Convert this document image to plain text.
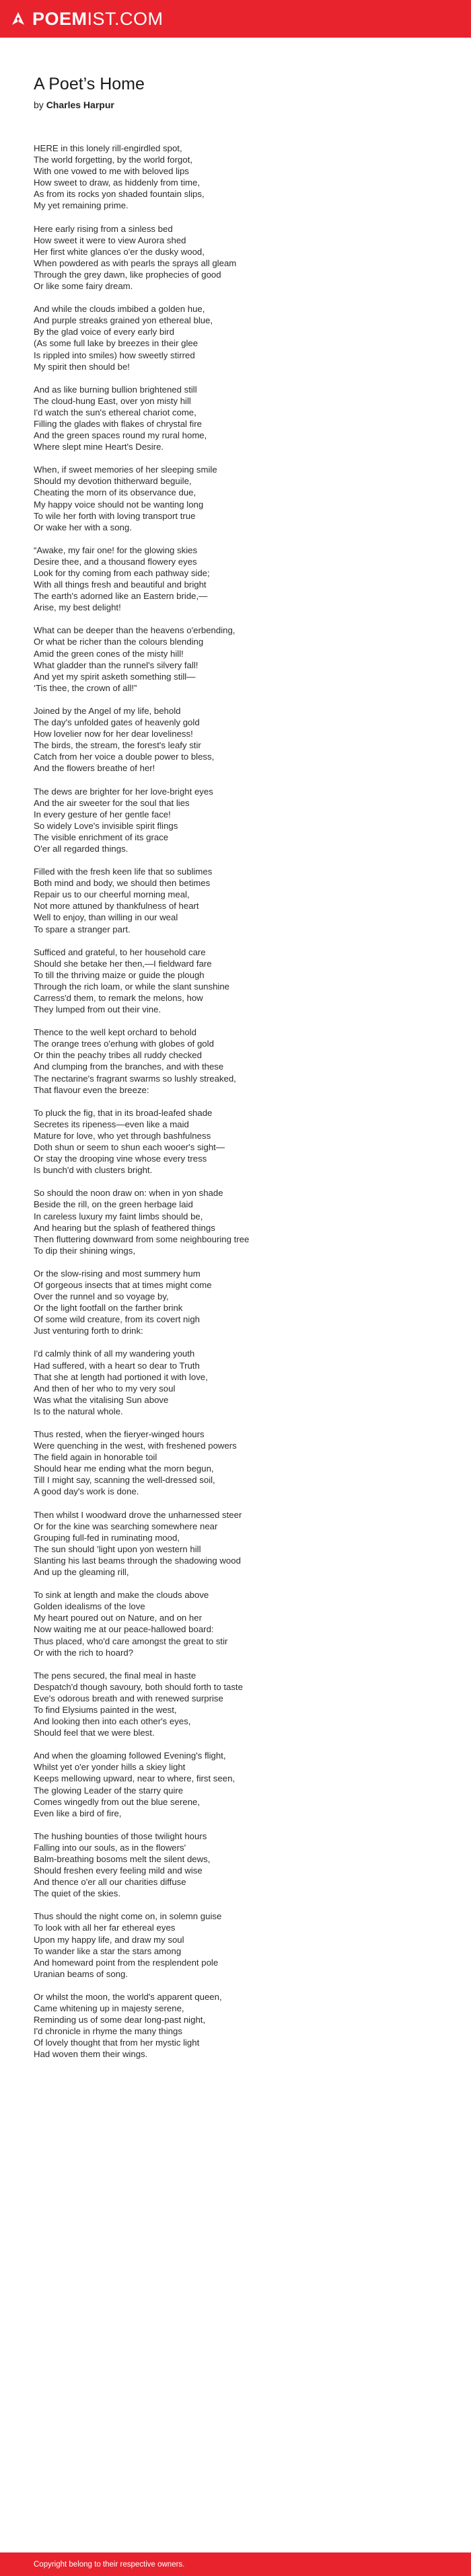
POEMIST.COM
A Poet’s Home
by Charles Harpur

HERE in this lonely rill-engirdled spot,
The world forgetting, by the world forgot,
With one vowed to me with beloved lips
How sweet to draw, as hiddenly from time,
As from its rocks yon shaded fountain slips,
My yet remaining prime.

Here early rising from a sinless bed
How sweet it were to view Aurora shed
Her first white glances o'er the dusky wood,
When powdered as with pearls the sprays all gleam
Through the grey dawn, like prophecies of good
Or like some fairy dream.

And while the clouds imbibed a golden hue,
And purple streaks grained yon ethereal blue,
By the glad voice of every early bird
(As some full lake by breezes in their glee
Is rippled into smiles) how sweetly stirred
My spirit then should be!

And as like burning bullion brightened still
The cloud-hung East, over yon misty hill
I'd watch the sun's ethereal chariot come,
Filling the glades with flakes of chrystal fire
And the green spaces round my rural home,
Where slept mine Heart's Desire.

When, if sweet memories of her sleeping smile
Should my devotion thitherward beguile,
Cheating the morn of its observance due,
My happy voice should not be wanting long
To wile her forth with loving transport true
Or wake her with a song.

“Awake, my fair one! for the glowing skies
Desire thee, and a thousand flowery eyes
Look for thy coming from each pathway side;
With all things fresh and beautiful and bright
The earth's adorned like an Eastern bride,—
Arise, my best delight!

What can be deeper than the heavens o'erbending,
Or what be richer than the colours blending
Amid the green cones of the misty hill!
What gladder than the runnel's silvery fall!
And yet my spirit asketh something still—
‘Tis thee, the crown of all!”

Joined by the Angel of my life, behold
The day's unfolded gates of heavenly gold
How lovelier now for her dear loveliness!
The birds, the stream, the forest's leafy stir
Catch from her voice a double power to bless,
And the flowers breathe of her!

The dews are brighter for her love-bright eyes
And the air sweeter for the soul that lies
In every gesture of her gentle face!
So widely Love's invisible spirit flings
The visible enrichment of its grace
O'er all regarded things.

Filled with the fresh keen life that so sublimes
Both mind and body, we should then betimes
Repair us to our cheerful morning meal,
Not more attuned by thankfulness of heart
Well to enjoy, than willing in our weal
To spare a stranger part.

Sufficed and grateful, to her household care
Should she betake her then,—I fieldward fare
To till the thriving maize or guide the plough
Through the rich loam, or while the slant sunshine
Carress'd them, to remark the melons, how
They lumped from out their vine.

Thence to the well kept orchard to behold
The orange trees o'erhung with globes of gold
Or thin the peachy tribes all ruddy checked
And clumping from the branches, and with these
The nectarine's fragrant swarms so lushly streaked,
That flavour even the breeze:

To pluck the fig, that in its broad-leafed shade
Secretes its ripeness—even like a maid
Mature for love, who yet through bashfulness
Doth shun or seem to shun each wooer's sight—
Or stay the drooping vine whose every tress
Is bunch'd with clusters bright.

So should the noon draw on: when in yon shade
Beside the rill, on the green herbage laid
In careless luxury my faint limbs should be,
And hearing but the splash of feathered things
Then fluttering downward from some neighbouring tree
To dip their shining wings,

Or the slow-rising and most summery hum
Of gorgeous insects that at times might come
Over the runnel and so voyage by,
Or the light footfall on the farther brink
Of some wild creature, from its covert nigh
Just venturing forth to drink:

I'd calmly think of all my wandering youth
Had suffered, with a heart so dear to Truth
That she at length had portioned it with love,
And then of her who to my very soul
Was what the vitalising Sun above
Is to the natural whole.

Thus rested, when the fieryer-winged hours
Were quenching in the west, with freshened powers
The field again in honorable toil
Should hear me ending what the morn begun,
Till I might say, scanning the well-dressed soil,
A good day's work is done.

Then whilst I woodward drove the unharnessed steer
Or for the kine was searching somewhere near
Grouping full-fed in ruminating mood,
The sun should ’light upon yon western hill
Slanting his last beams through the shadowing wood
And up the gleaming rill,

To sink at length and make the clouds above
Golden idealisms of the love
My heart poured out on Nature, and on her
Now waiting me at our peace-hallowed board:
Thus placed, who'd care amongst the great to stir
Or with the rich to hoard?

The pens secured, the final meal in haste
Despatch'd though savoury, both should forth to taste
Eve's odorous breath and with renewed surprise
To find Elysiums painted in the west,
And looking then into each other's eyes,
Should feel that we were blest.

And when the gloaming followed Evening's flight,
Whilst yet o'er yonder hills a skiey light
Keeps mellowing upward, near to where, first seen,
The glowing Leader of the starry quire
Comes wingedly from out the blue serene,
Even like a bird of fire,

The hushing bounties of those twilight hours
Falling into our souls, as in the flowers'
Balm-breathing bosoms melt the silent dews,
Should freshen every feeling mild and wise
And thence o'er all our charities diffuse
The quiet of the skies.

Thus should the night come on, in solemn guise
To look with all her far ethereal eyes
Upon my happy life, and draw my soul
To wander like a star the stars among
And homeward point from the resplendent pole
Uranian beams of song.

Or whilst the moon, the world's apparent queen,
Came whitening up in majesty serene,
Reminding us of some dear long-past night,
I'd chronicle in rhyme the many things
Of lovely thought that from her mystic light
Had woven them their wings.

Copyright belong to their respective owners.
